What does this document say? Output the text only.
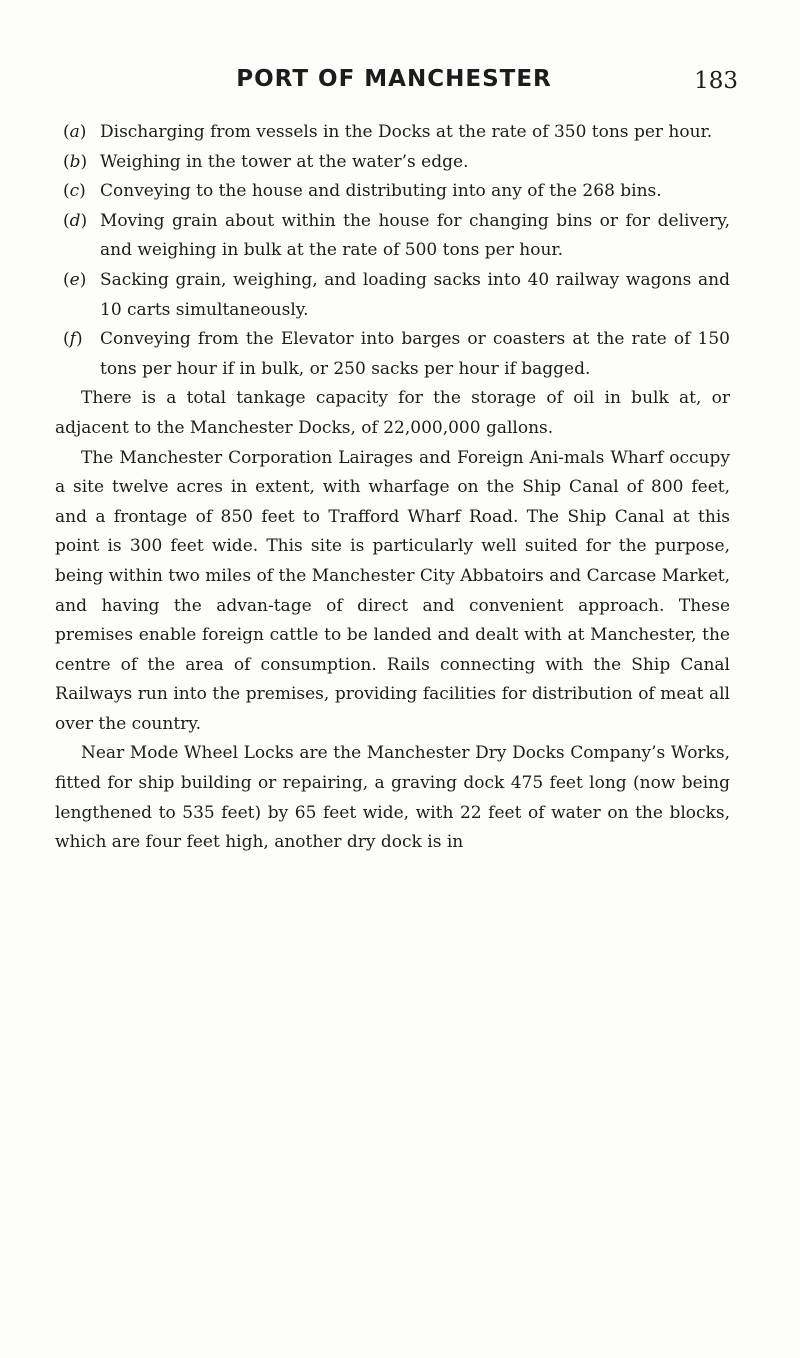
PORT OF MANCHESTER	183

(a) Discharging from vessels in the Docks at the rate of 350 tons per hour.

(b) Weighing in the tower at the water’s edge.

(c) Conveying to the house and distributing into any of the 268 bins.

(d) Moving grain about within the house for changing bins or for delivery, and weighing in bulk at the rate of 500 tons per hour.

(e) Sacking grain, weighing, and loading sacks into 40 railway wagons and 10 carts simultaneously.

(f) Conveying from the Elevator into barges or coasters at the rate of 150 tons per hour if in bulk, or 250 sacks per hour if bagged.

There is a total tankage capacity for the storage of oil in bulk at, or adjacent to the Manchester Docks, of 22,000,000 gallons.

The Manchester Corporation Lairages and Foreign Ani-mals Wharf occupy a site twelve acres in extent, with wharfage on the Ship Canal of 800 feet, and a frontage of 850 feet to Trafford Wharf Road. The Ship Canal at this point is 300 feet wide. This site is particularly well suited for the purpose, being within two miles of the Manchester City Abbatoirs and Carcase Market, and having the advan-tage of direct and convenient approach. These premises enable foreign cattle to be landed and dealt with at Manchester, the centre of the area of consumption. Rails connecting with the Ship Canal Railways run into the premises, providing facilities for distribution of meat all over the country.

Near Mode Wheel Locks are the Manchester Dry Docks Company’s Works, fitted for ship building or repairing, a graving dock 475 feet long (now being lengthened to 535 feet) by 65 feet wide, with 22 feet of water on the blocks, which are four feet high, another dry dock is in
